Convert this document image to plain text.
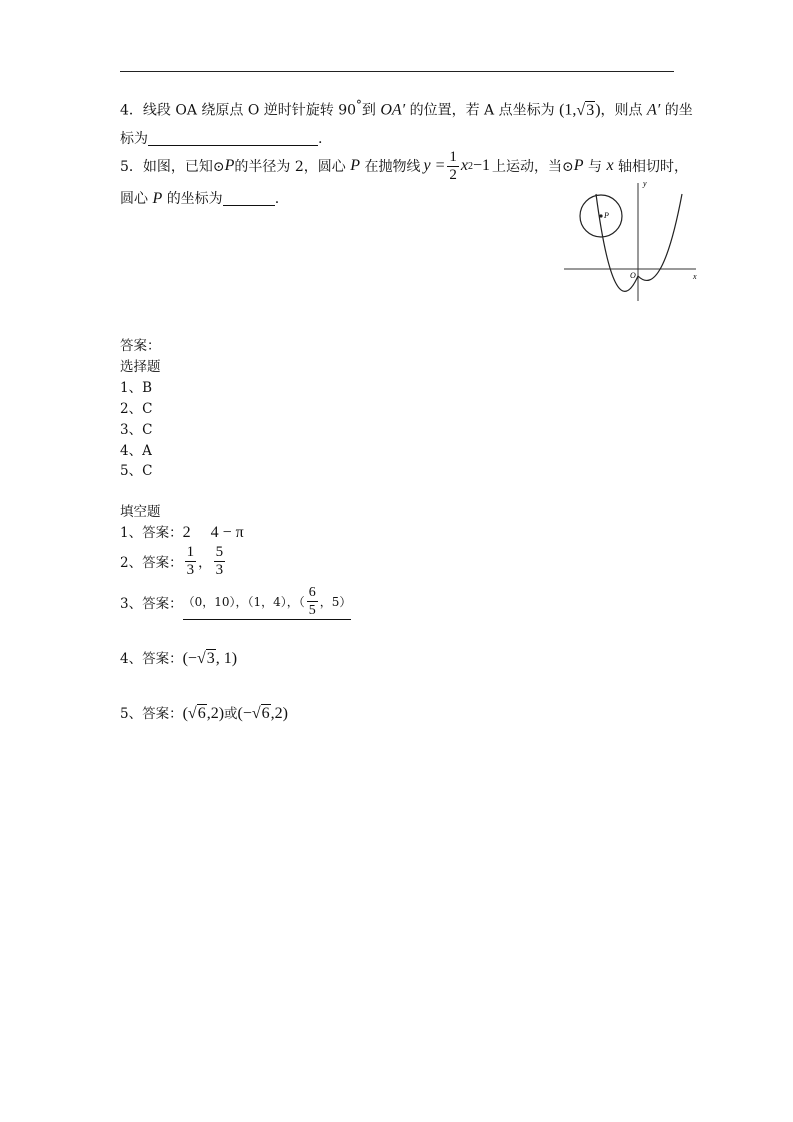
4．线段 OA 绕原点 O 逆时针旋转 90°到 OA′ 的位置，若 A 点坐标为 (1,√3)，则点 A′ 的坐
标为	.
5．如图，已知⊙ P 的半径为 2，圆心
P
在抛物线 $y = \frac{1}{2}$ x 2 −1 上运动，当⊙ P
与
x
轴相切时，
圆心 P 的坐标为	.
P
y
x
O
答案：
选择题
1、B
2、C
3、C
4、A
5、C
填空题
1、答案：2 4 − π
2、答案： $\frac{1}{3}$ ， $\frac{5}{3}$
3、答案： （0，10），（1，4），（ $\frac{6}{5}$ ，5）
4、答案：(−√3, 1)
5、答案：(√6,2)或(−√6,2)
